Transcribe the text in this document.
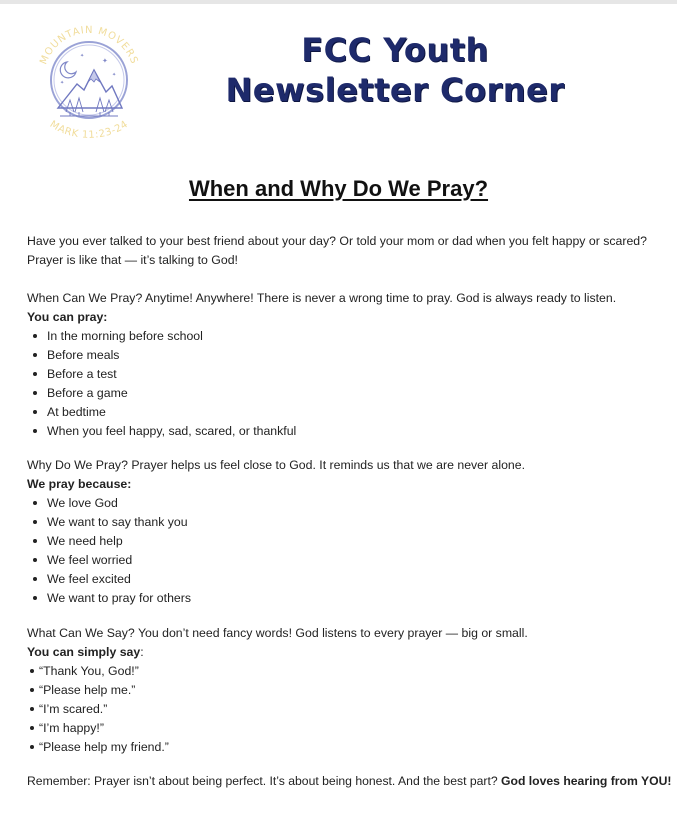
MOUNTAIN MOVERS
✦
✦
✦
✦
MARK 11:23-24
FCC Youth
Newsletter Corner
When and Why Do We Pray?

Have you ever talked to your best friend about your day? Or told your mom or dad when you felt happy or scared?

Prayer is like that — it’s talking to God!

When Can We Pray? Anytime! Anywhere! There is never a wrong time to pray. God is always ready to listen.

You can pray:

In the morning before school
Before meals
Before a test
Before a game
At bedtime
When you feel happy, sad, scared, or thankful

Why Do We Pray? Prayer helps us feel close to God. It reminds us that we are never alone.

We pray because:

We love God
We want to say thank you
We need help
We feel worried
We feel excited
We want to pray for others

What Can We Say? You don’t need fancy words! God listens to every prayer — big or small.

You can simply say:

“Thank You, God!”
“Please help me.”
“I’m scared.”
“I’m happy!”
“Please help my friend.”

Remember: Prayer isn’t about being perfect. It’s about being honest. And the best part? God loves hearing from YOU!
